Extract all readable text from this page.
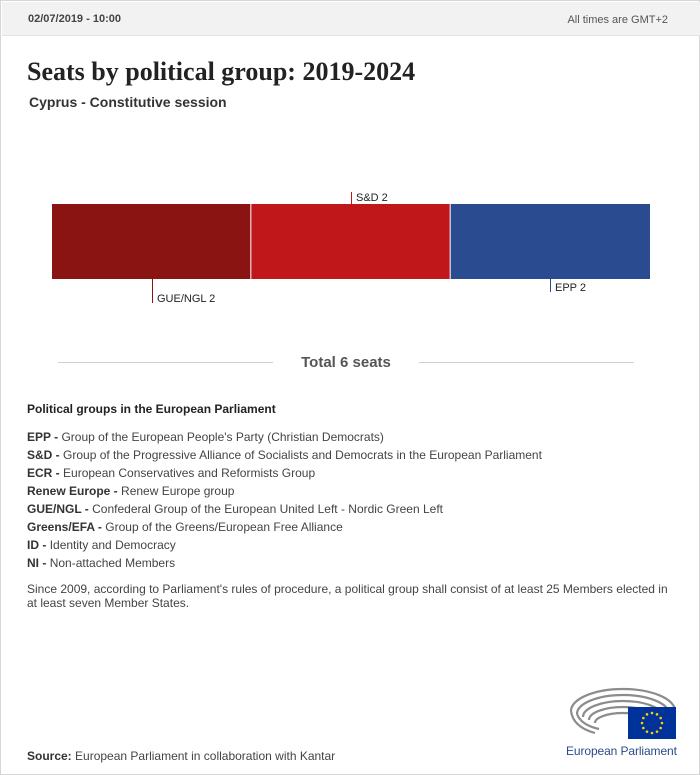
02/07/2019 - 10:00	All times are GMT+2
Seats by political group: 2019-2024
Cyprus - Constitutive session
GUE/NGL 2
S&D 2
EPP 2
Total 6 seats
Political groups in the European Parliament
EPP - Group of the European People's Party (Christian Democrats)
S&D - Group of the Progressive Alliance of Socialists and Democrats in the European Parliament
ECR - European Conservatives and Reformists Group
Renew Europe - Renew Europe group
GUE/NGL - Confederal Group of the European United Left - Nordic Green Left
Greens/EFA - Group of the Greens/European Free Alliance
ID - Identity and Democracy
NI - Non-attached Members

Since 2009, according to Parliament's rules of procedure, a political group shall consist of at least 25 Members elected in at least seven Member States.

Source: European Parliament in collaboration with Kantar	European Parliament
